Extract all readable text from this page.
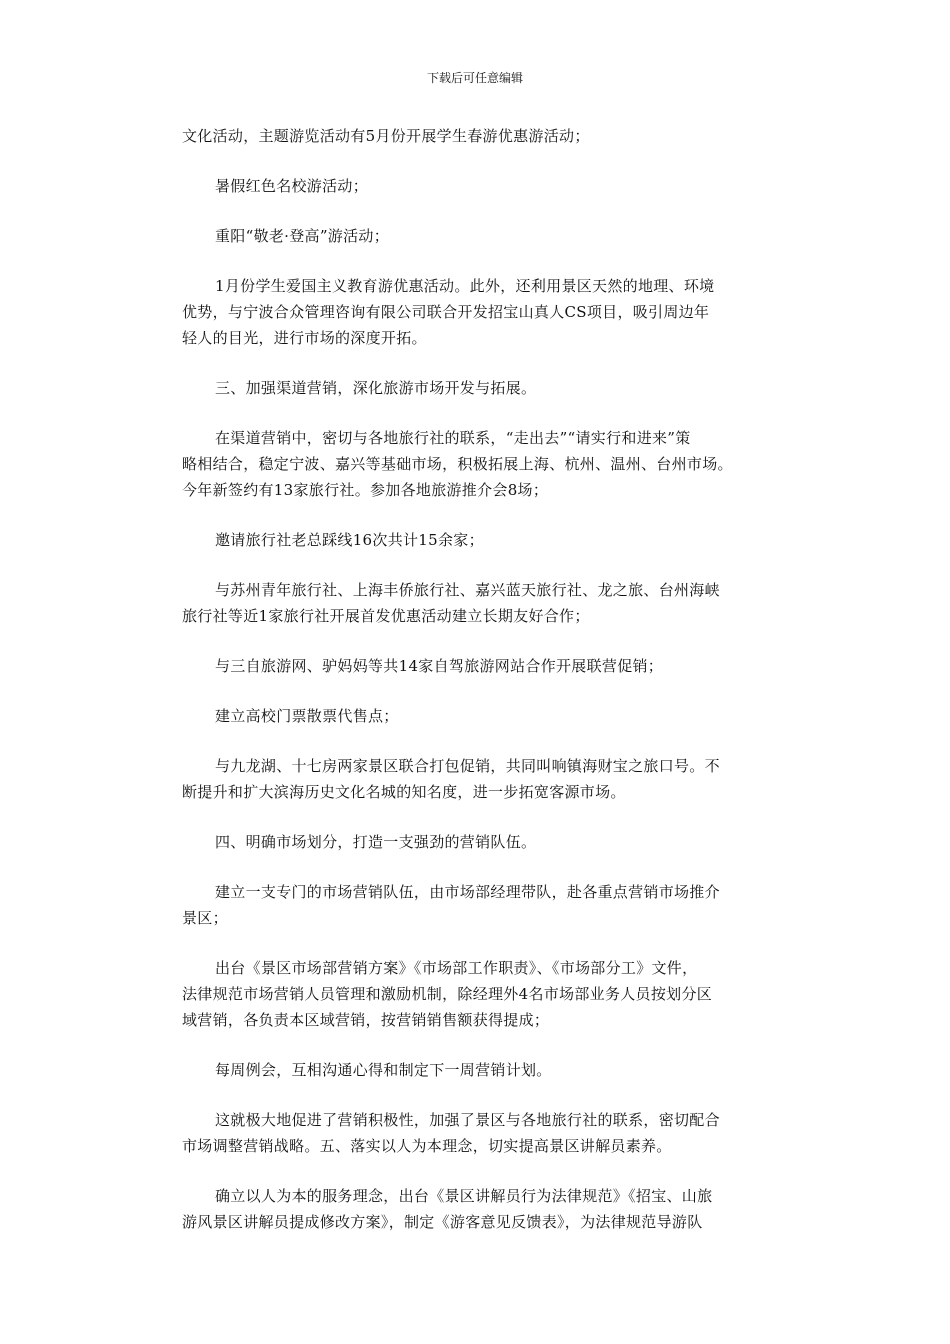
下载后可任意编辑
文化活动，主题游览活动有5月份开展学生春游优惠游活动；
暑假红色名校游活动；
重阳“敬老·登高”游活动；
1月份学生爱国主义教育游优惠活动。此外，还利用景区天然的地理、环境
优势，与宁波合众管理咨询有限公司联合开发招宝山真人CS项目，吸引周边年
轻人的目光，进行市场的深度开拓。
三、加强渠道营销，深化旅游市场开发与拓展。
在渠道营销中，密切与各地旅行社的联系，“走出去”“请实行和进来”策
略相结合，稳定宁波、嘉兴等基础市场，积极拓展上海、杭州、温州、台州市场。
今年新签约有13家旅行社。参加各地旅游推介会8场；
邀请旅行社老总踩线16次共计15余家；
与苏州青年旅行社、上海丰侨旅行社、嘉兴蓝天旅行社、龙之旅、台州海峡
旅行社等近1家旅行社开展首发优惠活动建立长期友好合作；
与三自旅游网、驴妈妈等共14家自驾旅游网站合作开展联营促销；
建立高校门票散票代售点；
与九龙湖、十七房两家景区联合打包促销，共同叫响镇海财宝之旅口号。不
断提升和扩大滨海历史文化名城的知名度，进一步拓宽客源市场。
四、明确市场划分，打造一支强劲的营销队伍。
建立一支专门的市场营销队伍，由市场部经理带队，赴各重点营销市场推介
景区；
出台《景区市场部营销方案》《市场部工作职责》、《市场部分工》文件，
法律规范市场营销人员管理和激励机制，除经理外4名市场部业务人员按划分区
域营销，各负责本区域营销，按营销销售额获得提成；
每周例会，互相沟通心得和制定下一周营销计划。
这就极大地促进了营销积极性，加强了景区与各地旅行社的联系，密切配合
市场调整营销战略。五、落实以人为本理念，切实提高景区讲解员素养。
确立以人为本的服务理念，出台《景区讲解员行为法律规范》《招宝、山旅
游风景区讲解员提成修改方案》，制定《游客意见反馈表》，为法律规范导游队
